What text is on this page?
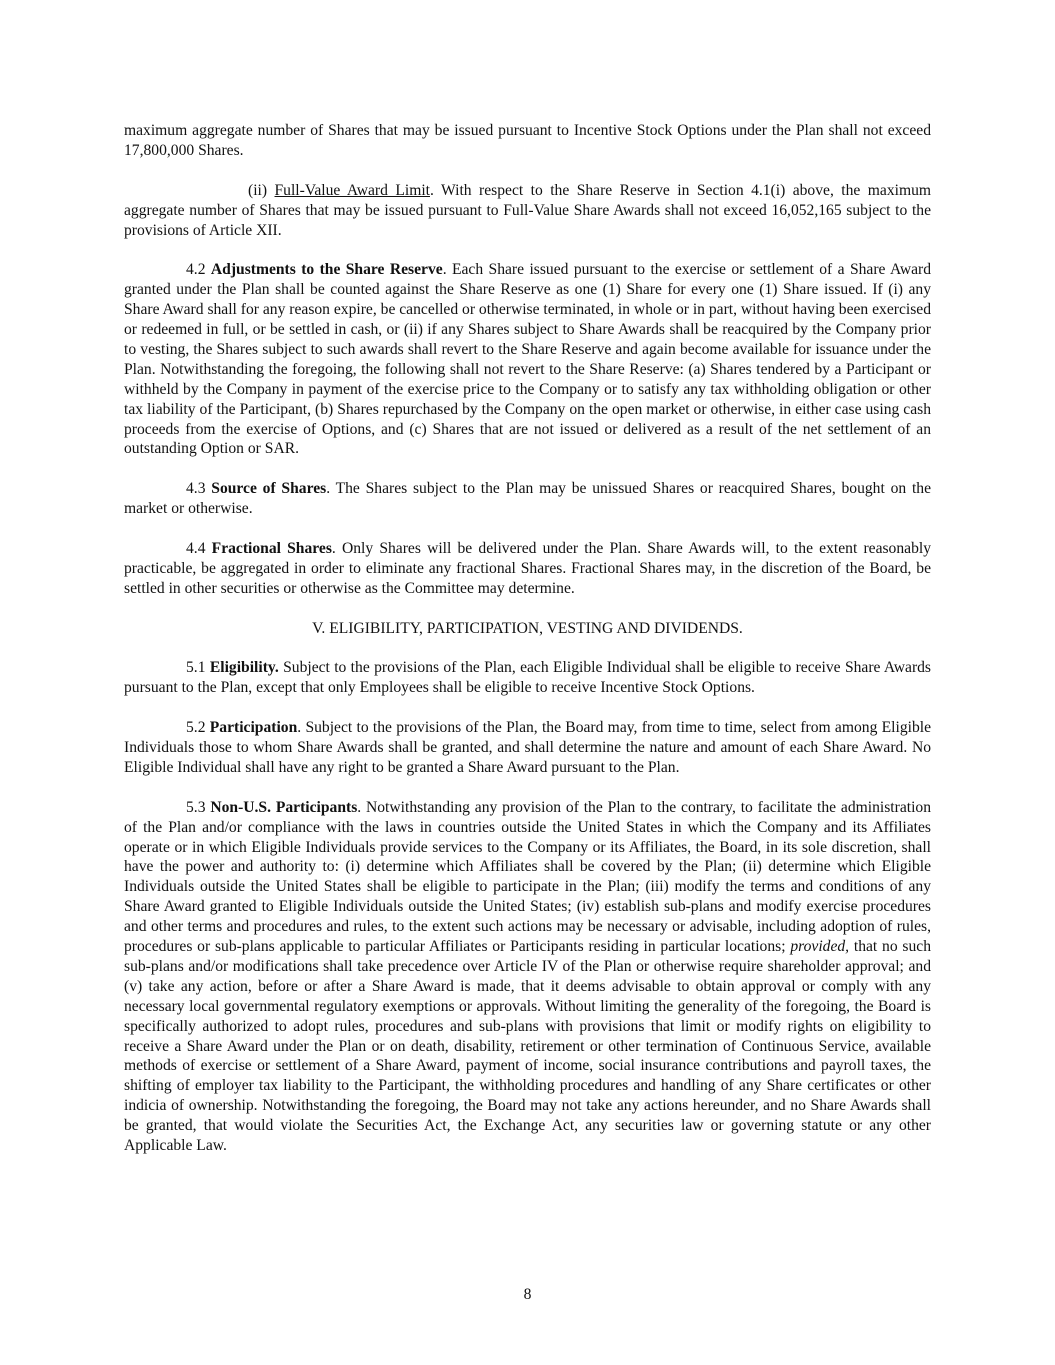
maximum aggregate number of Shares that may be issued pursuant to Incentive Stock Options under the Plan shall not exceed 17,800,000 Shares.

(ii) Full-Value Award Limit. With respect to the Share Reserve in Section 4.1(i) above, the maximum aggregate number of Shares that may be issued pursuant to Full-Value Share Awards shall not exceed 16,052,165 subject to the provisions of Article XII.

4.2 Adjustments to the Share Reserve. Each Share issued pursuant to the exercise or settlement of a Share Award granted under the Plan shall be counted against the Share Reserve as one (1) Share for every one (1) Share issued. If (i) any Share Award shall for any reason expire, be cancelled or otherwise terminated, in whole or in part, without having been exercised or redeemed in full, or be settled in cash, or (ii) if any Shares subject to Share Awards shall be reacquired by the Company prior to vesting, the Shares subject to such awards shall revert to the Share Reserve and again become available for issuance under the Plan. Notwithstanding the foregoing, the following shall not revert to the Share Reserve: (a) Shares tendered by a Participant or withheld by the Company in payment of the exercise price to the Company or to satisfy any tax withholding obligation or other tax liability of the Participant, (b) Shares repurchased by the Company on the open market or otherwise, in either case using cash proceeds from the exercise of Options, and (c) Shares that are not issued or delivered as a result of the net settlement of an outstanding Option or SAR.

4.3 Source of Shares. The Shares subject to the Plan may be unissued Shares or reacquired Shares, bought on the market or otherwise.

4.4 Fractional Shares. Only Shares will be delivered under the Plan. Share Awards will, to the extent reasonably practicable, be aggregated in order to eliminate any fractional Shares. Fractional Shares may, in the discretion of the Board, be settled in other securities or otherwise as the Committee may determine.

V. ELIGIBILITY, PARTICIPATION, VESTING AND DIVIDENDS.

5.1 Eligibility. Subject to the provisions of the Plan, each Eligible Individual shall be eligible to receive Share Awards pursuant to the Plan, except that only Employees shall be eligible to receive Incentive Stock Options.

5.2 Participation. Subject to the provisions of the Plan, the Board may, from time to time, select from among Eligible Individuals those to whom Share Awards shall be granted, and shall determine the nature and amount of each Share Award. No Eligible Individual shall have any right to be granted a Share Award pursuant to the Plan.

5.3 Non-U.S. Participants. Notwithstanding any provision of the Plan to the contrary, to facilitate the administration of the Plan and/or compliance with the laws in countries outside the United States in which the Company and its Affiliates operate or in which Eligible Individuals provide services to the Company or its Affiliates, the Board, in its sole discretion, shall have the power and authority to: (i) determine which Affiliates shall be covered by the Plan; (ii) determine which Eligible Individuals outside the United States shall be eligible to participate in the Plan; (iii) modify the terms and conditions of any Share Award granted to Eligible Individuals outside the United States; (iv) establish sub-plans and modify exercise procedures and other terms and procedures and rules, to the extent such actions may be necessary or advisable, including adoption of rules, procedures or sub-plans applicable to particular Affiliates or Participants residing in particular locations; provided, that no such sub-plans and/or modifications shall take precedence over Article IV of the Plan or otherwise require shareholder approval; and (v) take any action, before or after a Share Award is made, that it deems advisable to obtain approval or comply with any necessary local governmental regulatory exemptions or approvals. Without limiting the generality of the foregoing, the Board is specifically authorized to adopt rules, procedures and sub-plans with provisions that limit or modify rights on eligibility to receive a Share Award under the Plan or on death, disability, retirement or other termination of Continuous Service, available methods of exercise or settlement of a Share Award, payment of income, social insurance contributions and payroll taxes, the shifting of employer tax liability to the Participant, the withholding procedures and handling of any Share certificates or other indicia of ownership. Notwithstanding the foregoing, the Board may not take any actions hereunder, and no Share Awards shall be granted, that would violate the Securities Act, the Exchange Act, any securities law or governing statute or any other Applicable Law.

8
